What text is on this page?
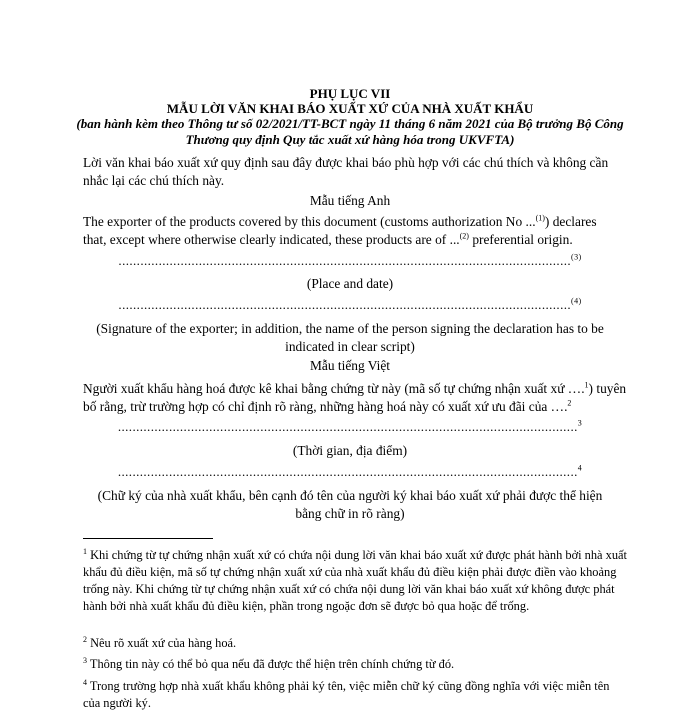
PHỤ LỤC VII

MẪU LỜI VĂN KHAI BÁO XUẤT XỨ CỦA NHÀ XUẤT KHẨU

(ban hành kèm theo Thông tư số 02/2021/TT-BCT ngày 11 tháng 6 năm 2021 của Bộ trưởng Bộ Công Thương quy định Quy tắc xuất xứ hàng hóa trong UKVFTA)

Lời văn khai báo xuất xứ quy định sau đây được khai báo phù hợp với các chú thích và không cần nhắc lại các chú thích này.

Mẫu tiếng Anh

The exporter of the products covered by this document (customs authorization No ...$^{(1)}$) declares that, except where otherwise clearly indicated, these products are of ...$^{(2)}$ preferential origin.

............................................................................................................................$^{(3)}$

(Place and date)

............................................................................................................................$^{(4)}$

(Signature of the exporter; in addition, the name of the person signing the declaration has to be indicated in clear script)

Mẫu tiếng Việt

Người xuất khẩu hàng hoá được kê khai bằng chứng từ này (mã số tự chứng nhận xuất xứ ….$^1$) tuyên bố rằng, trừ trường hợp có chỉ định rõ ràng, những hàng hoá này có xuất xứ ưu đãi của ….$^2$

..............................................................................................................................$^3$

(Thời gian, địa điểm)

..............................................................................................................................$^4$

(Chữ ký của nhà xuất khẩu, bên cạnh đó tên của người ký khai báo xuất xứ phải được thể hiện bằng chữ in rõ ràng)

$^1$ Khi chứng từ tự chứng nhận xuất xứ có chứa nội dung lời văn khai báo xuất xứ được phát hành bởi nhà xuất khẩu đủ điều kiện, mã số tự chứng nhận xuất xứ của nhà xuất khẩu đủ điều kiện phải được điền vào khoảng trống này. Khi chứng từ tự chứng nhận xuất xứ có chứa nội dung lời văn khai báo xuất xứ không được phát hành bởi nhà xuất khẩu đủ điều kiện, phần trong ngoặc đơn sẽ được bỏ qua hoặc để trống.

$^2$ Nêu rõ xuất xứ của hàng hoá.

$^3$ Thông tin này có thể bỏ qua nếu đã được thể hiện trên chính chứng từ đó.

$^4$ Trong trường hợp nhà xuất khẩu không phải ký tên, việc miễn chữ ký cũng đồng nghĩa với việc miễn tên của người ký.
